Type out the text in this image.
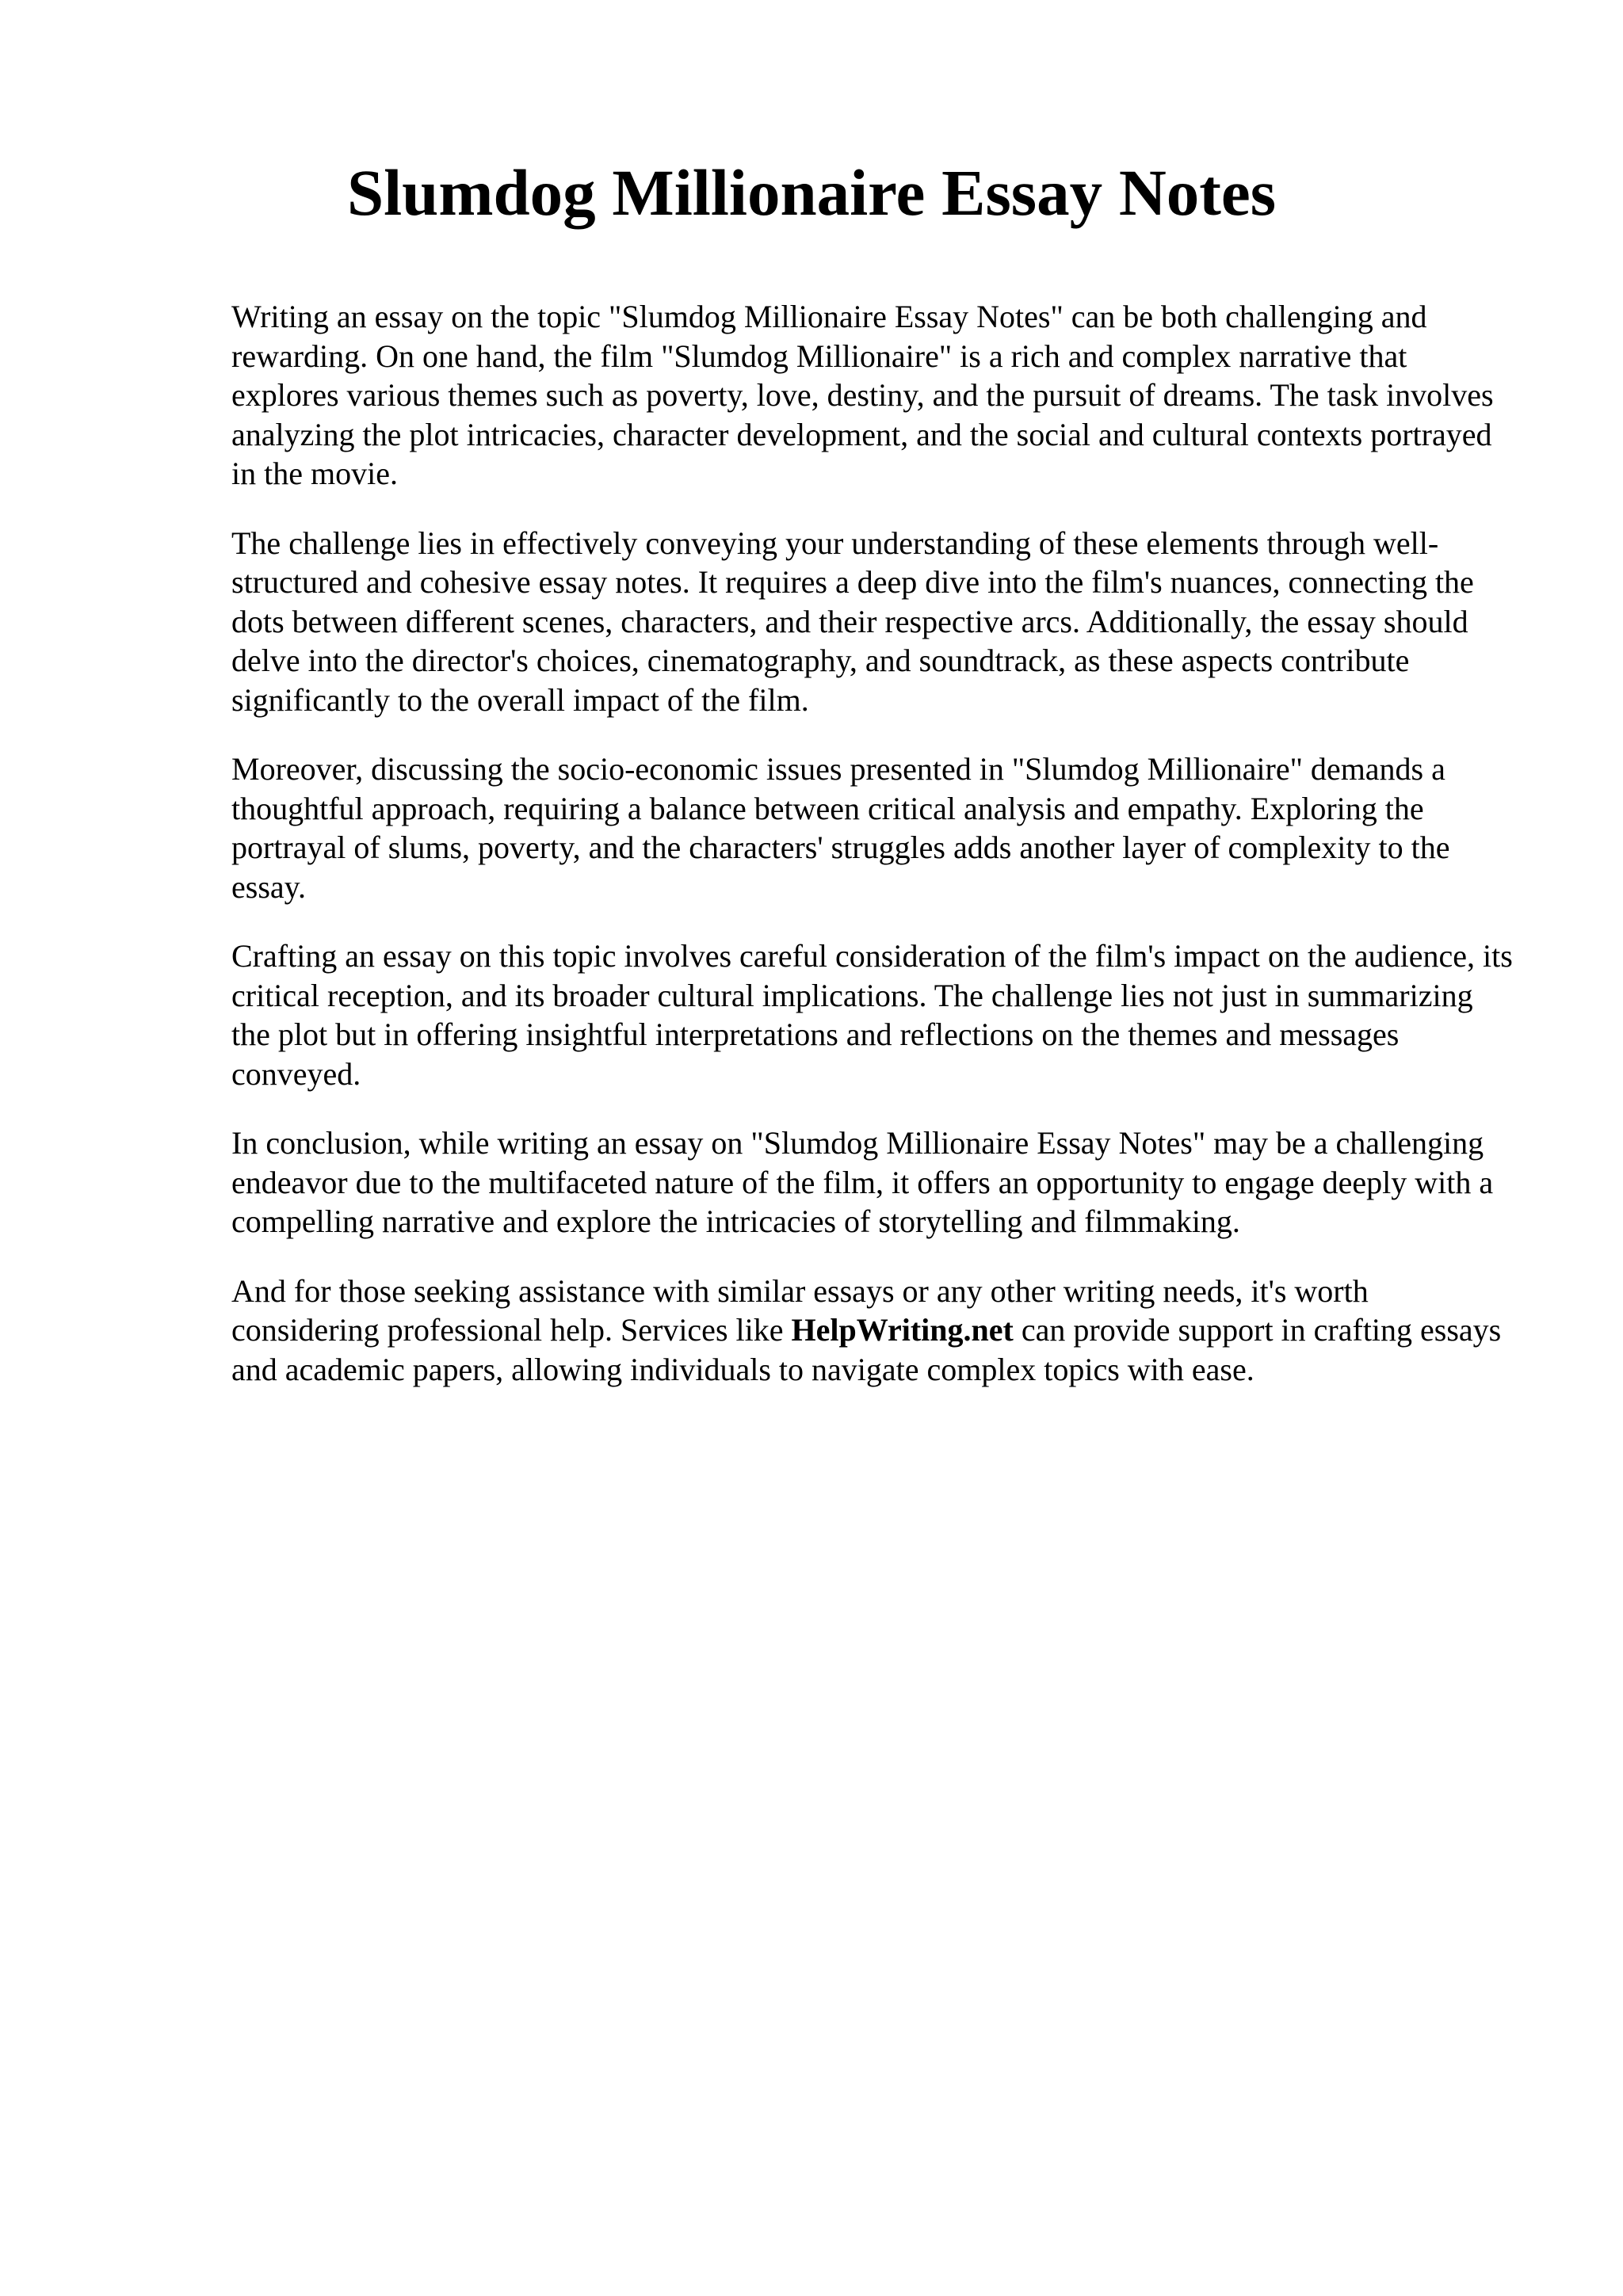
Slumdog Millionaire Essay Notes

Writing an essay on the topic "Slumdog Millionaire Essay Notes" can be both challenging and rewarding. On one hand, the film "Slumdog Millionaire" is a rich and complex narrative that explores various themes such as poverty, love, destiny, and the pursuit of dreams. The task involves analyzing the plot intricacies, character development, and the social and cultural contexts portrayed in the movie.

The challenge lies in effectively conveying your understanding of these elements through well-structured and cohesive essay notes. It requires a deep dive into the film's nuances, connecting the dots between different scenes, characters, and their respective arcs. Additionally, the essay should delve into the director's choices, cinematography, and soundtrack, as these aspects contribute significantly to the overall impact of the film.

Moreover, discussing the socio-economic issues presented in "Slumdog Millionaire" demands a thoughtful approach, requiring a balance between critical analysis and empathy. Exploring the portrayal of slums, poverty, and the characters' struggles adds another layer of complexity to the essay.

Crafting an essay on this topic involves careful consideration of the film's impact on the audience, its critical reception, and its broader cultural implications. The challenge lies not just in summarizing the plot but in offering insightful interpretations and reflections on the themes and messages conveyed.

In conclusion, while writing an essay on "Slumdog Millionaire Essay Notes" may be a challenging endeavor due to the multifaceted nature of the film, it offers an opportunity to engage deeply with a compelling narrative and explore the intricacies of storytelling and filmmaking.

And for those seeking assistance with similar essays or any other writing needs, it's worth considering professional help. Services like HelpWriting.net can provide support in crafting essays and academic papers, allowing individuals to navigate complex topics with ease.
